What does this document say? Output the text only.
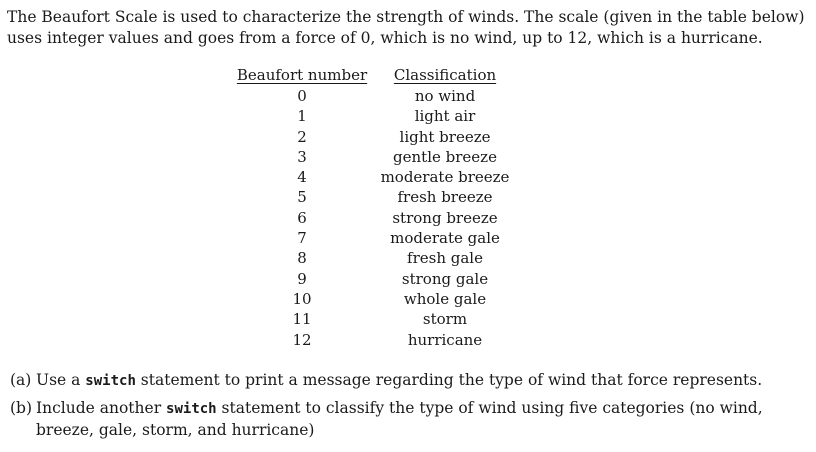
The Beaufort Scale is used to characterize the strength of winds. The scale (given in the table below)

uses integer values and goes from a force of 0, which is no wind, up to 12, which is a hurricane.

Beaufort number	Classification
0	no wind
1	light air
2	light breeze
3	gentle breeze
4	moderate breeze
5	fresh breeze
6	strong breeze
7	moderate gale
8	fresh gale
9	strong gale
10	whole gale
11	storm
12	hurricane
(a) Use a switch statement to print a message regarding the type of wind that force represents.
(b) Include another switch statement to classify the type of wind using five categories (no wind, breeze, gale, storm, and hurricane)
